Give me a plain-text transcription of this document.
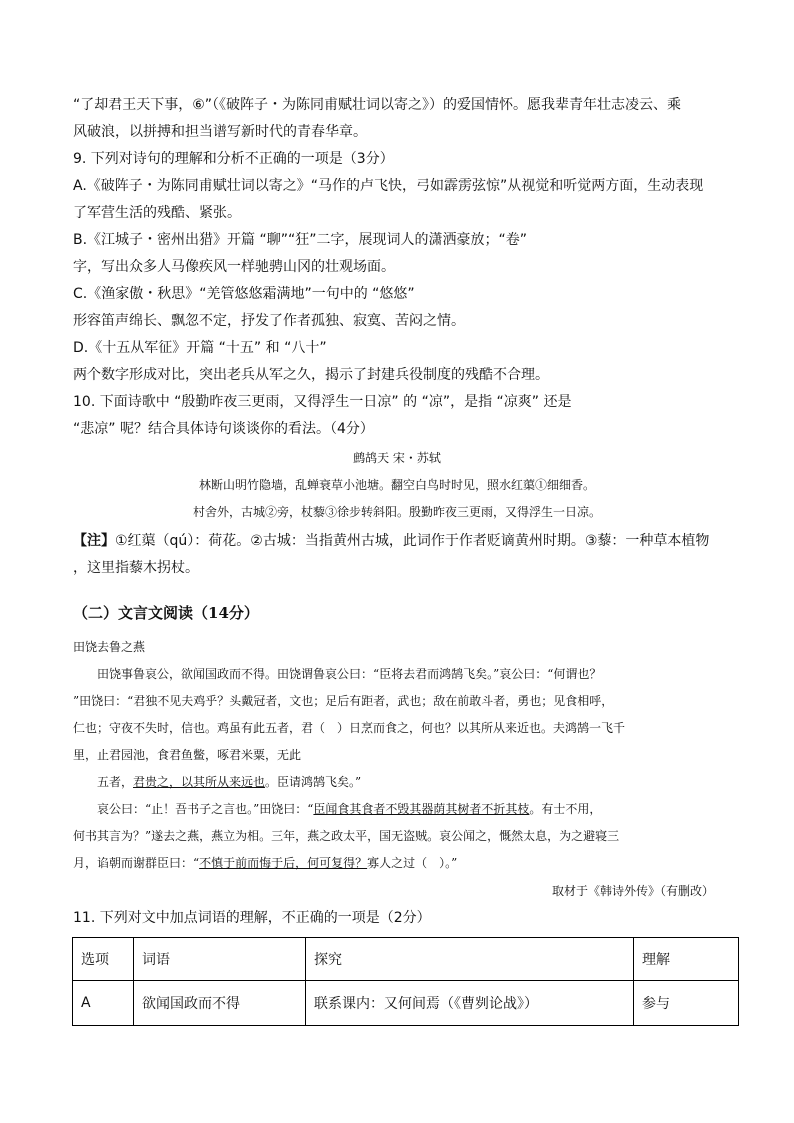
“了却君王天下事，⑥”（《破阵子・为陈同甫赋壮词以寄之》）的爱国情怀。愿我辈青年壮志凌云、乘
风破浪，以拼搏和担当谱写新时代的青春华章。
9. 下列对诗句的理解和分析不正确的一项是（3分）
A.《破阵子・为陈同甫赋壮词以寄之》“马作的卢飞快，弓如霹雳弦惊”从视觉和听觉两方面，生动表现
了军营生活的残酷、紧张。
B.《江城子・密州出猎》开篇 “聊”“狂”二字，展现词人的潇洒豪放；“卷”
字，写出众多人马像疾风一样驰骋山冈的壮观场面。
C.《渔家傲・秋思》“羌管悠悠霜满地”一句中的 “悠悠”
形容笛声绵长、飘忽不定，抒发了作者孤独、寂寞、苦闷之情。
D.《十五从军征》开篇 “十五” 和 “八十”
两个数字形成对比，突出老兵从军之久，揭示了封建兵役制度的残酷不合理。
10. 下面诗歌中 “殷勤昨夜三更雨，又得浮生一日凉” 的 “凉”，是指 “凉爽” 还是
“悲凉” 呢？结合具体诗句谈谈你的看法。（4分）
鹧鸪天 宋・苏轼
林断山明竹隐墙，乱蝉衰草小池塘。翻空白鸟时时见，照水红蕖①细细香。
村舍外，古城②旁，杖藜③徐步转斜阳。殷勤昨夜三更雨，又得浮生一日凉。
【注】①红蕖（qú）：荷花。②古城：当指黄州古城，此词作于作者贬谪黄州时期。③藜：一种草本植物
，这里指藜木拐杖。
（二）文言文阅读（14分）
田饶去鲁之燕
田饶事鲁哀公，欲闻国政而不得。田饶谓鲁哀公曰：“臣将去君而鸿鹄飞矣。”哀公曰：“何谓也？
”田饶曰：“君独不见夫鸡乎？头戴冠者，文也；足后有距者，武也；敌在前敢斗者，勇也；见食相呼，
仁也；守夜不失时，信也。鸡虽有此五者，君（　）日烹而食之，何也？以其所从来近也。夫鸿鹄一飞千
里，止君园池，食君鱼鳖，啄君米粟，无此
五者，君贵之，以其所从来远也。臣请鸿鹄飞矣。”
哀公曰：“止！吾书子之言也。”田饶曰：“臣闻食其食者不毁其器荫其树者不折其枝。有士不用，
何书其言为？”遂去之燕，燕立为相。三年，燕之政太平，国无盗贼。哀公闻之，慨然太息，为之避寝三
月，谄朝而谢群臣曰：“不慎于前而悔于后，何可复得？寡人之过（　）。”
取材于《韩诗外传》（有删改）
11. 下列对文中加点词语的理解，不正确的一项是（2分）
选项	词语	探究	理解
A	欲闻国政而不得	联系课内：又何间焉（《曹刿论战》）	参与
